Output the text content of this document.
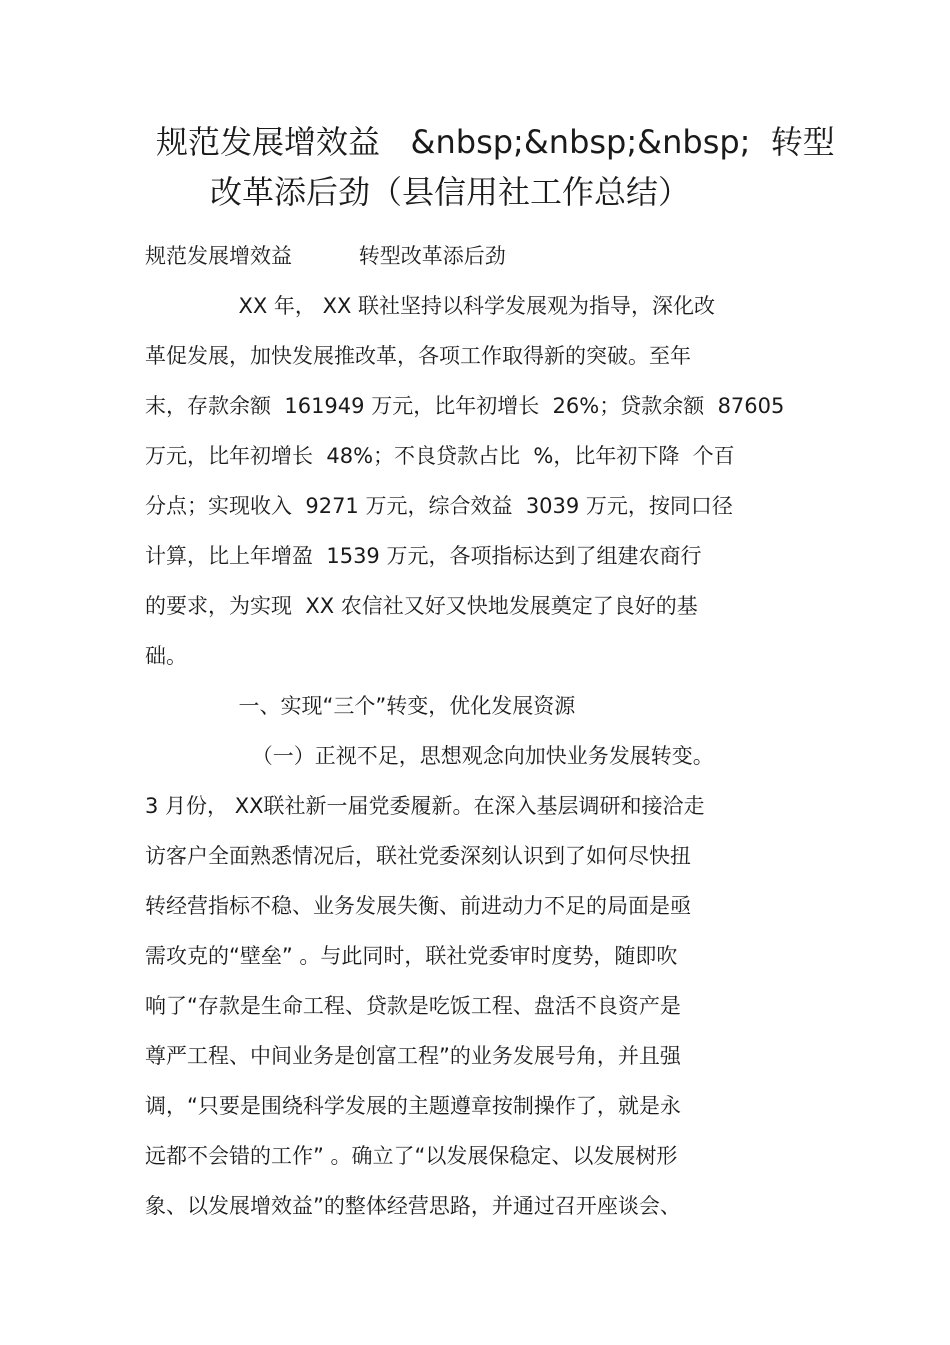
规范发展增效益   &nbsp;&nbsp;&nbsp;  转型
改革添后劲（县信用社工作总结）
规范发展增效益          转型改革添后劲
XX 年， XX 联社坚持以科学发展观为指导，深化改
革促发展，加快发展推改革，各项工作取得新的突破。至年
末，存款余额  161949 万元，比年初增长  26%；贷款余额  87605
万元，比年初增长  48%；不良贷款占比  %，比年初下降  个百
分点；实现收入  9271 万元，综合效益  3039 万元，按同口径
计算，比上年增盈  1539 万元，各项指标达到了组建农商行
的要求，为实现  XX 农信社又好又快地发展奠定了良好的基
础。
一、实现“三个”转变，优化发展资源
（一）正视不足，思想观念向加快业务发展转变。
3 月份， XX联社新一届党委履新。在深入基层调研和接洽走
访客户全面熟悉情况后，联社党委深刻认识到了如何尽快扭
转经营指标不稳、业务发展失衡、前进动力不足的局面是亟
需攻克的“壁垒” 。与此同时，联社党委审时度势，随即吹
响了“存款是生命工程、贷款是吃饭工程、盘活不良资产是
尊严工程、中间业务是创富工程”的业务发展号角，并且强
调，“只要是围绕科学发展的主题遵章按制操作了，就是永
远都不会错的工作” 。确立了“以发展保稳定、以发展树形
象、以发展增效益”的整体经营思路，并通过召开座谈会、
